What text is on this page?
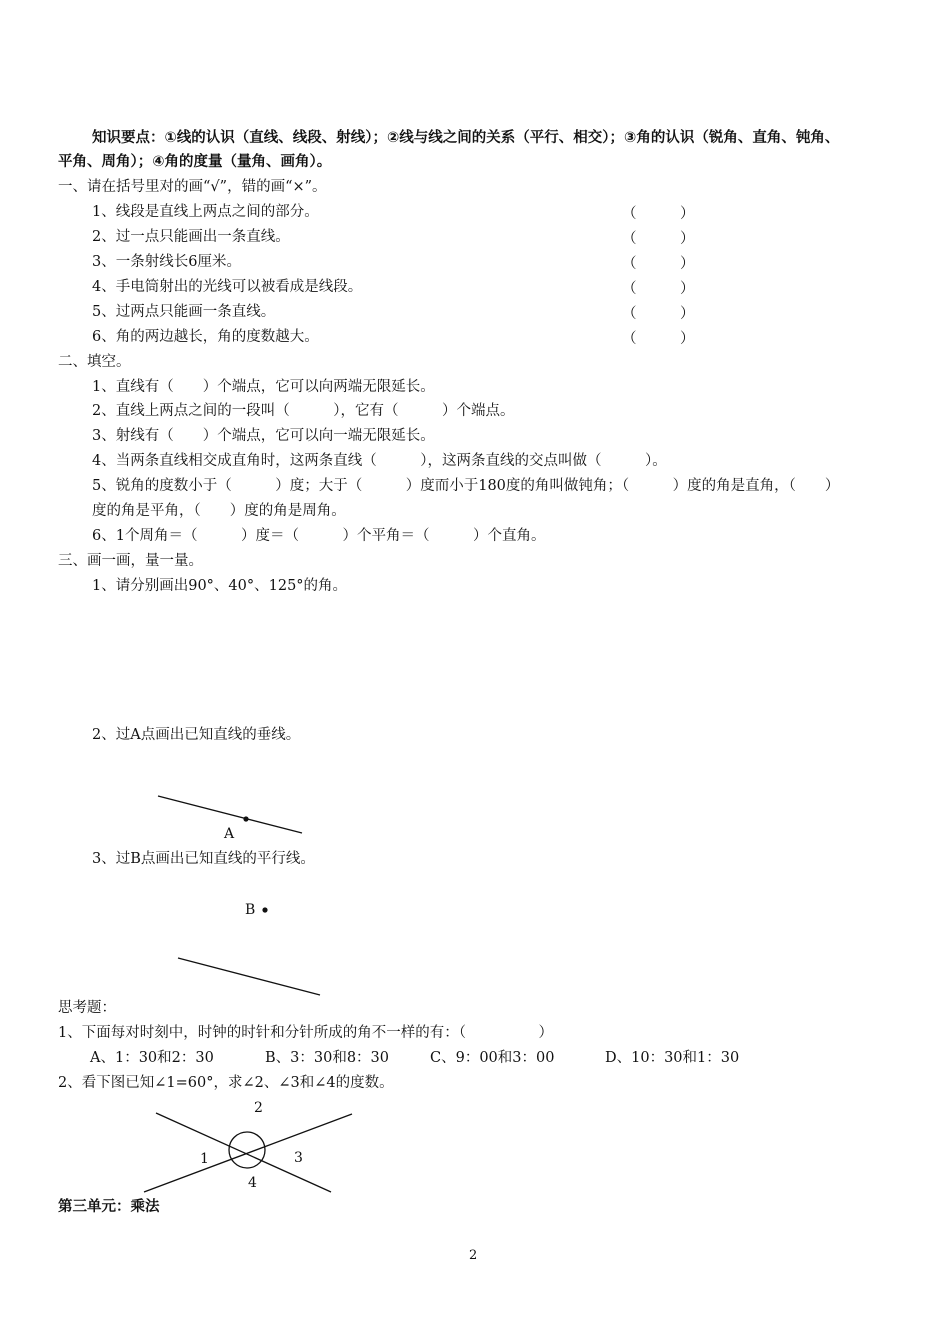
知识要点：①线的认识（直线、线段、射线）；②线与线之间的关系（平行、相交）；③角的认识（锐角、直角、钝角、
平角、周角）；④角的度量（量角、画角）。
一、请在括号里对的画“√”，错的画“×”。
1、线段是直线上两点之间的部分。	（　　　）
2、过一点只能画出一条直线。	（　　　）
3、一条射线长6厘米。	（　　　）
4、手电筒射出的光线可以被看成是线段。	（　　　）
5、过两点只能画一条直线。	（　　　）
6、角的两边越长，角的度数越大。	（　　　）
二、填空。
1、直线有（　　）个端点，它可以向两端无限延长。
2、直线上两点之间的一段叫（　　　），它有（　　　）个端点。
3、射线有（　　）个端点，它可以向一端无限延长。
4、当两条直线相交成直角时，这两条直线（　　　），这两条直线的交点叫做（　　　）。
5、锐角的度数小于（　　　）度；大于（　　　）度而小于180度的角叫做钝角；（　　　）度的角是直角，（　　）
度的角是平角，（　　）度的角是周角。
6、1个周角＝（　　　）度＝（　　　）个平角＝（　　　）个直角。
三、画一画，量一量。
1、请分别画出90°、40°、125°的角。
2、过A点画出已知直线的垂线。
3、过B点画出已知直线的平行线。
A
B
1
2
3
4
思考题：
1、下面每对时刻中，时钟的时针和分针所成的角不一样的有：（　　　　　）
A、1：30和2：30	B、3：30和8：30	C、9：00和3：00	D、10：30和1：30
2、看下图已知∠1=60°，求∠2、∠3和∠4的度数。
第三单元：乘法
2
